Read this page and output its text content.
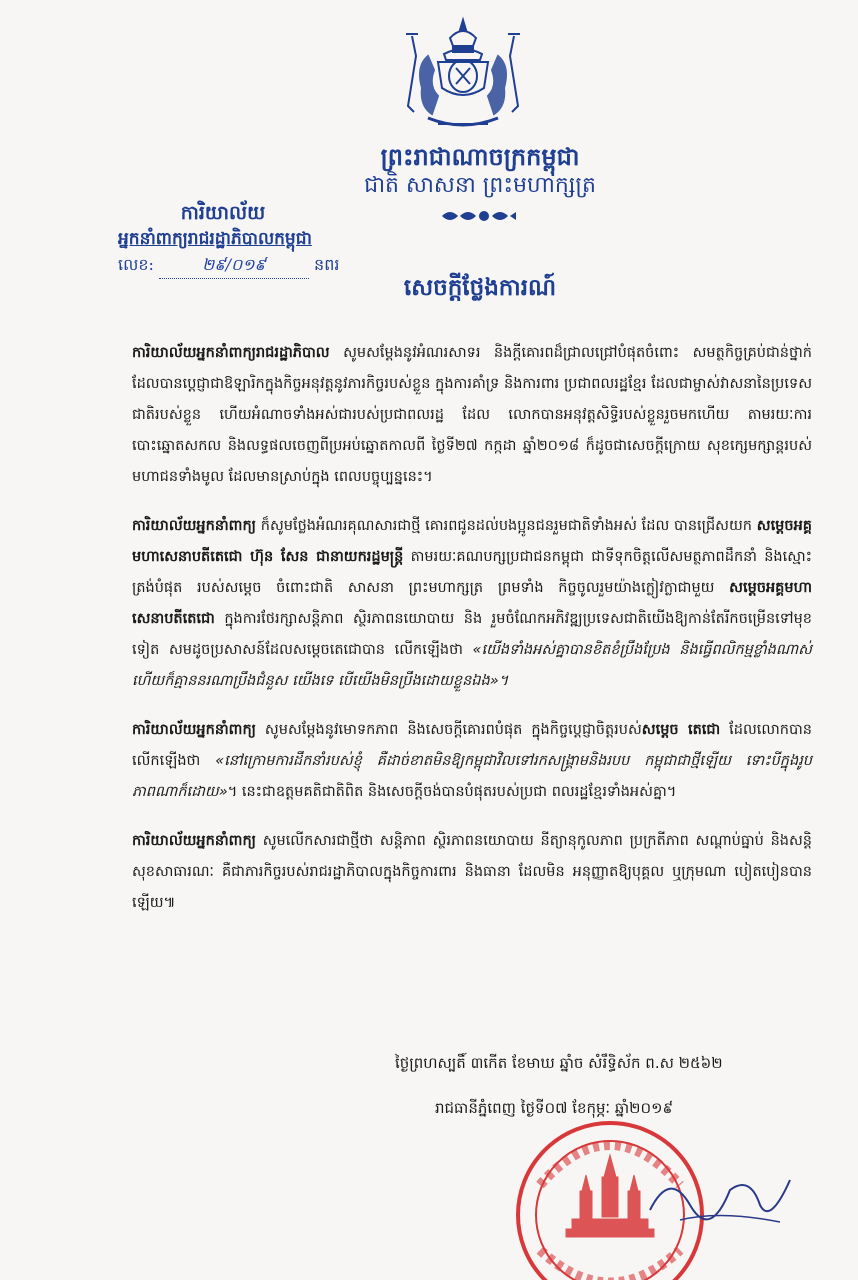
ព្រះរាជាណាចក្រកម្ពុជា
ជាតិ សាសនា ព្រះមហាក្សត្រ
ការិយាល័យ
អ្នកនាំពាក្យរាជរដ្ឋាភិបាលកម្ពុជា
លេខ:	២៩/០១៩	នពរ
សេចក្តីថ្លែងការណ៍

ការិយាល័យអ្នកនាំពាក្យរាជរដ្ឋាភិបាល សូមសម្តែងនូវអំណរសាទរ និងក្តីគោរពដ៏ជ្រាលជ្រៅបំផុតចំពោះ សមត្ថកិច្ចគ្រប់ជាន់ថ្នាក់ដែលបានប្តេជ្ញាជាឱឡារិកក្នុងកិច្ចអនុវត្តនូវភារកិច្ចរបស់ខ្លួន ក្នុងការគាំទ្រ និងការពារ ប្រជាពលរដ្ឋខ្មែរ ដែលជាម្ចាស់វាសនានៃប្រទេសជាតិរបស់ខ្លួន ហើយអំណាចទាំងអស់ជារបស់ប្រជាពលរដ្ឋ ដែល លោកបានអនុវត្តសិទ្ធិរបស់ខ្លួនរួចមកហើយ តាមរយៈការបោះឆ្នោតសកល និងលទ្ធផលចេញពីប្រអប់ឆ្នោតកាលពី ថ្ងៃទី២៧ កក្កដា ឆ្នាំ២០១៨ ក៏ដូចជាសេចក្តីក្រោយ សុខក្សេមក្សាន្តរបស់មហាជនទាំងមូល ដែលមានស្រាប់ក្នុង ពេលបច្ចុប្បន្ននេះ។

ការិយាល័យអ្នកនាំពាក្យ ក៏សូមថ្លែងអំណរគុណសារជាថ្មី គោរពជូនដល់បងប្អូនជនរួមជាតិទាំងអស់ ដែល បានជ្រើសយក សម្តេចអគ្គមហាសេនាបតីតេជោ ហ៊ុន សែន ជានាយករដ្ឋមន្ត្រី តាមរយៈគណបក្សប្រជាជនកម្ពុជា ជាទីទុកចិត្តលើសមត្ថភាពដឹកនាំ និងស្មោះត្រង់បំផុត របស់សម្តេច ចំពោះជាតិ សាសនា ព្រះមហាក្សត្រ ព្រមទាំង កិច្ចចូលរួមយ៉ាងក្លៀវក្លាជាមួយ សម្តេចអគ្គមហាសេនាបតីតេជោ ក្នុងការថែរក្សាសន្តិភាព ស្ថិរភាពនយោបាយ និង រួមចំណែកអភិវឌ្ឍប្រទេសជាតិយើងឱ្យកាន់តែរីកចម្រើនទៅមុខទៀត សមដូចប្រសាសន៍ដែលសម្តេចតេជោបាន លើកឡើងថា «យើងទាំងអស់គ្នាបានខិតខំប្រឹងប្រែង និងធ្វើពលិកម្មខ្លាំងណាស់ ហើយក៏គ្មាននរណាប្រឹងជំនួស យើងទេ បើយើងមិនប្រឹងដោយខ្លួនឯង»។

ការិយាល័យអ្នកនាំពាក្យ សូមសម្តែងនូវមោទកភាព និងសេចក្តីគោរពបំផុត ក្នុងកិច្ចប្តេជ្ញាចិត្តរបស់សម្តេច តេជោ ដែលលោកបានលើកឡើងថា «នៅក្រោមការដឹកនាំរបស់ខ្ញុំ គឺដាច់ខាតមិនឱ្យកម្ពុជាវិលទៅរកសង្គ្រាមនិងរបប កម្ពុជាជាថ្មីឡើយ ទោះបីក្នុងរូបភាពណាក៏ដោយ»។ នេះជាឧត្តមគតិជាតិពិត និងសេចក្តីចង់បានបំផុតរបស់ប្រជា ពលរដ្ឋខ្មែរទាំងអស់គ្នា។

ការិយាល័យអ្នកនាំពាក្យ សូមលើកសារជាថ្មីថា សន្តិភាព ស្ថិរភាពនយោបាយ នីត្យានុកូលភាព ប្រក្រតីភាព សណ្តាប់ធ្នាប់ និងសន្តិសុខសាធារណៈ គឺជាភារកិច្ចរបស់រាជរដ្ឋាភិបាលក្នុងកិច្ចការពារ និងធានា ដែលមិន អនុញ្ញាតឱ្យបុគ្គល ឬក្រុមណា បៀតបៀនបានឡើយ៕

ថ្ងៃព្រហស្បតិ៍ ៣កើត ខែមាឃ ឆ្នាំច សំរឹទ្ធិស័ក ព.ស ២៥៦២
រាជធានីភ្នំពេញ ថ្ងៃទី០៧ ខែកុម្ភៈ ឆ្នាំ២០១៩
